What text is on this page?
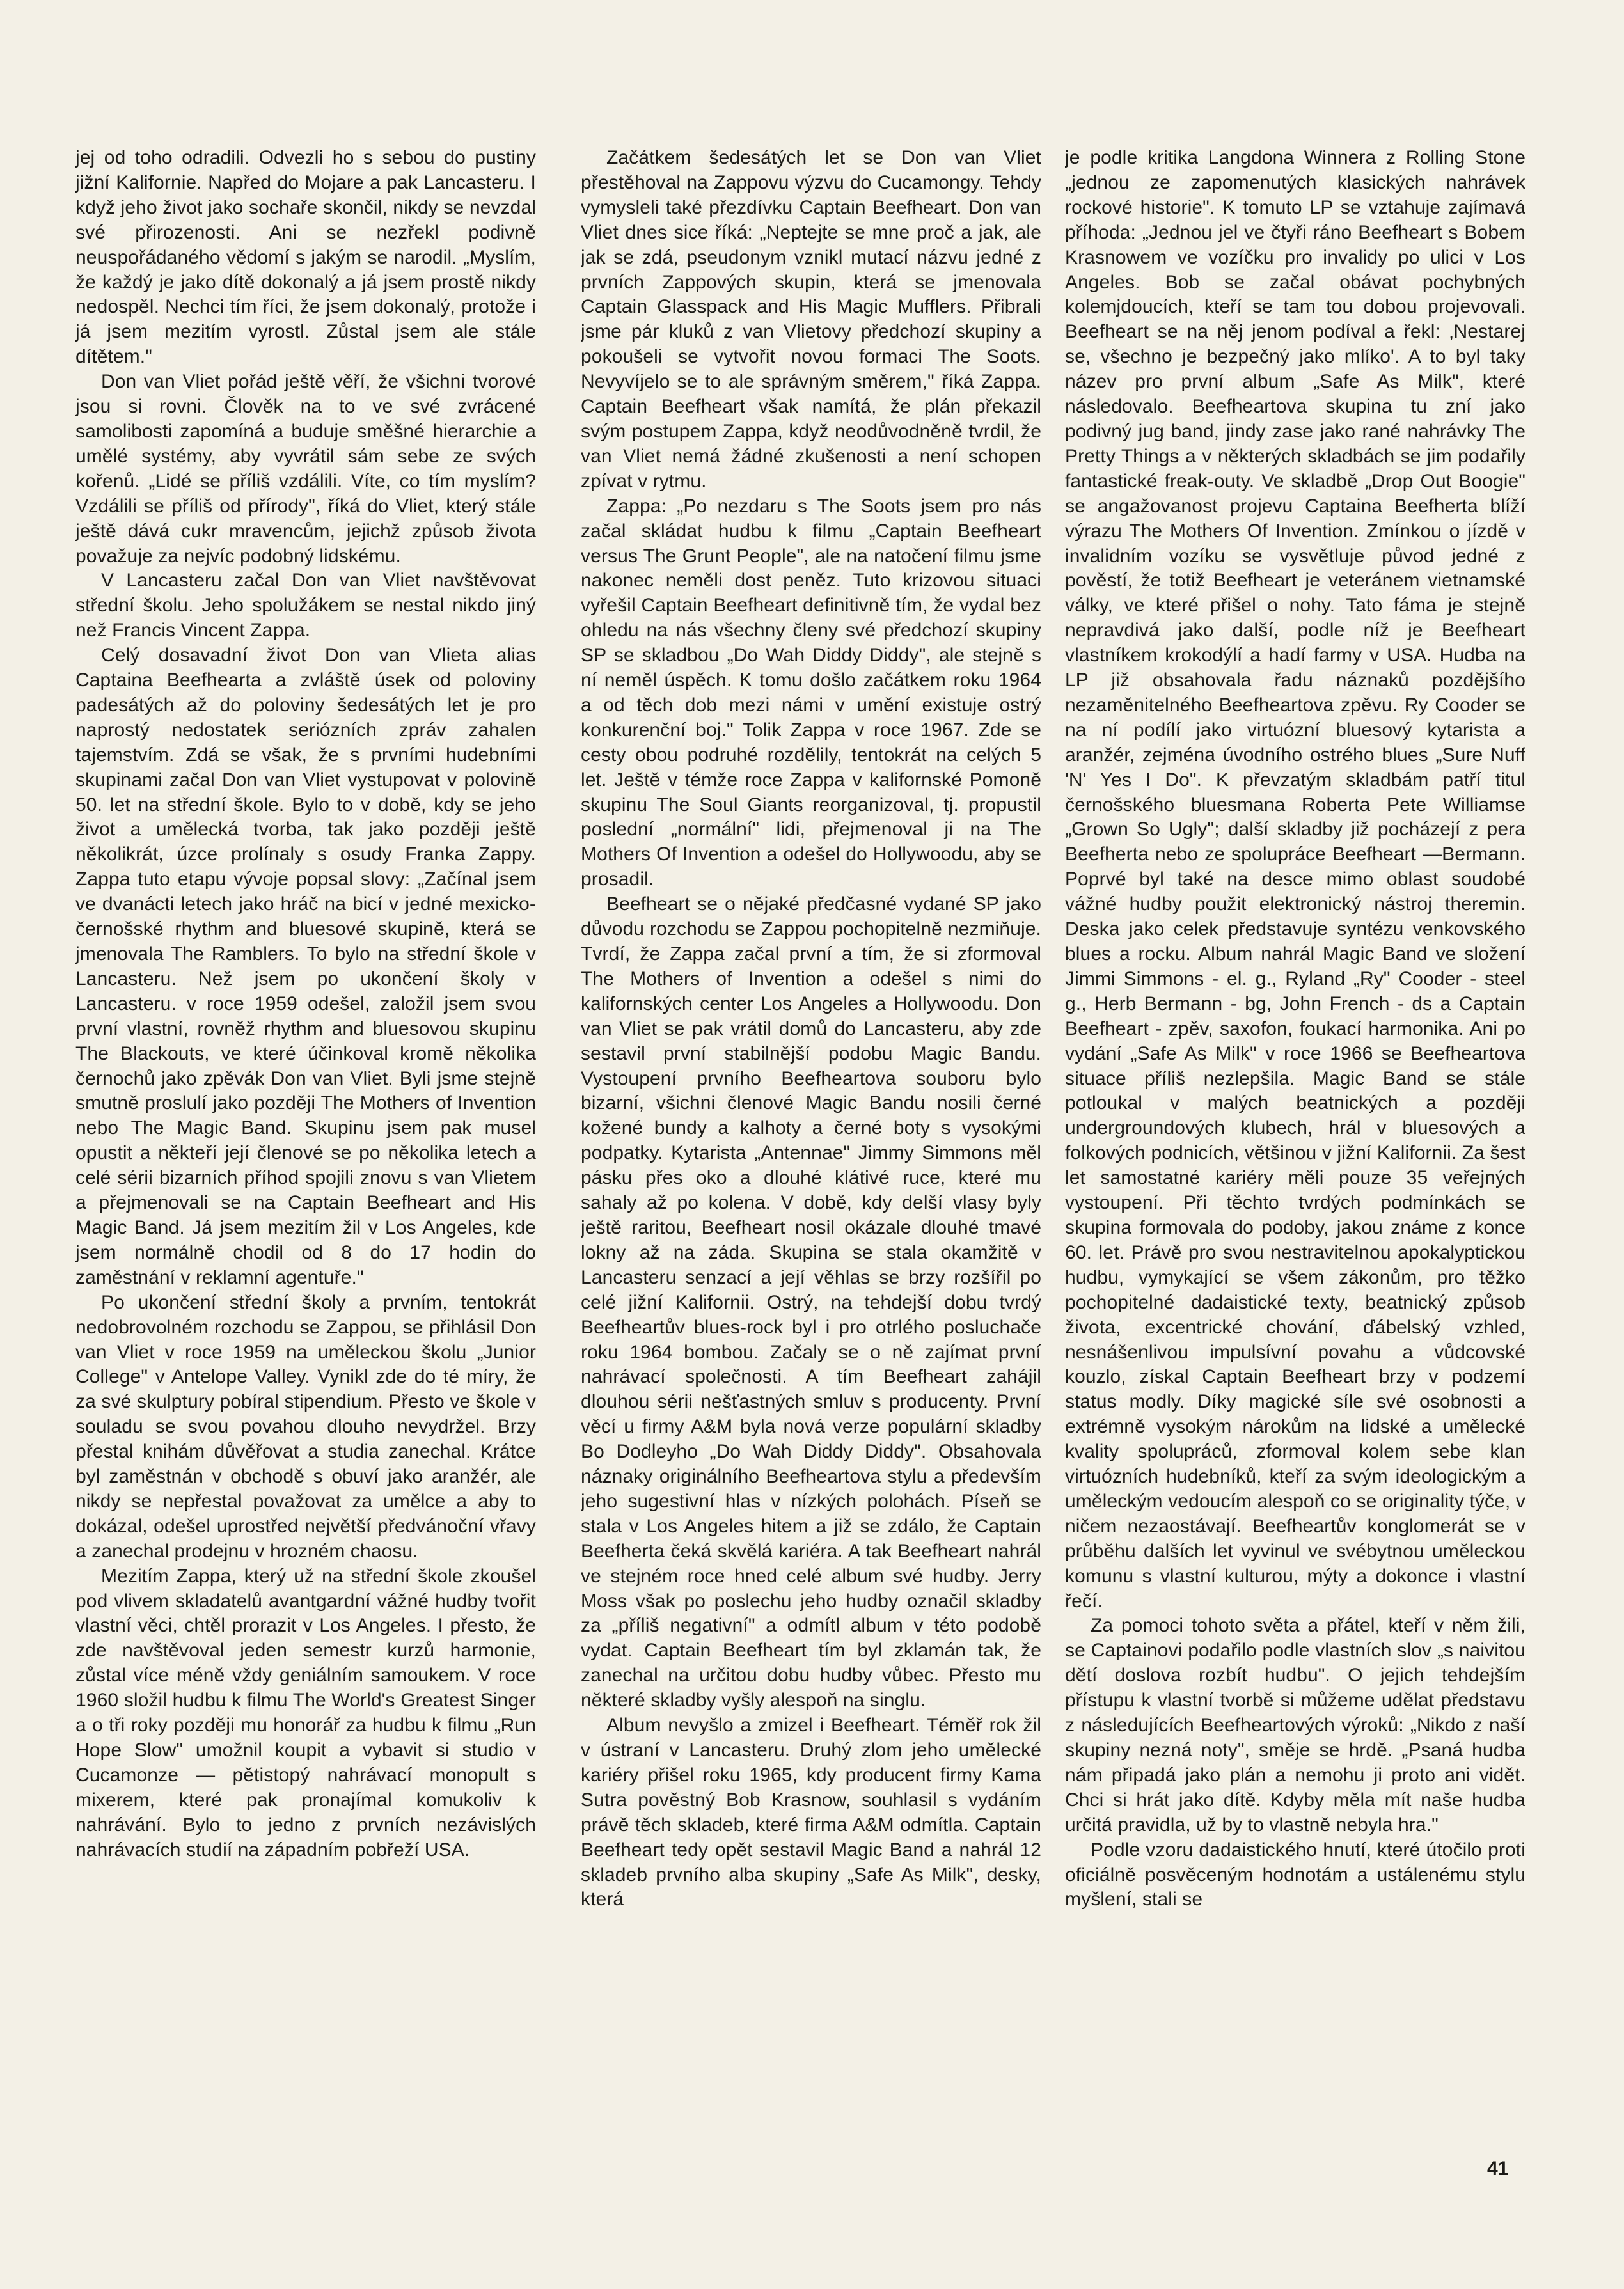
jej od toho odradili. Odvezli ho s sebou do pustiny jižní Kalifornie. Napřed do Mojare a pak Lancasteru. I když jeho život jako sochaře skončil, nikdy se nevzdal své přirozenosti. Ani se nezřekl podivně neuspořádaného vědomí s jakým se narodil. „Myslím, že každý je jako dítě dokonalý a já jsem prostě nikdy nedospěl. Nechci tím říci, že jsem dokonalý, protože i já jsem mezitím vyrostl. Zůstal jsem ale stále dítětem."

Don van Vliet pořád ještě věří, že všichni tvorové jsou si rovni. Člověk na to ve své zvrácené samolibosti zapomíná a buduje směšné hierarchie a umělé systémy, aby vyvrátil sám sebe ze svých kořenů. „Lidé se příliš vzdálili. Víte, co tím myslím? Vzdálili se příliš od přírody", říká do Vliet, který stále ještě dává cukr mravencům, jejichž způsob života považuje za nejvíc podobný lidskému.

V Lancasteru začal Don van Vliet navštěvovat střední školu. Jeho spolužákem se nestal nikdo jiný než Francis Vincent Zappa.

Celý dosavadní život Don van Vlieta alias Captaina Beefhearta a zvláště úsek od poloviny padesátých až do poloviny šedesátých let je pro naprostý nedostatek seriózních zpráv zahalen tajemstvím. Zdá se však, že s prvními hudebními skupinami začal Don van Vliet vystupovat v polovině 50. let na střední škole. Bylo to v době, kdy se jeho život a umělecká tvorba, tak jako později ještě několikrát, úzce prolínaly s osudy Franka Zappy. Zappa tuto etapu vývoje popsal slovy: „Začínal jsem ve dvanácti letech jako hráč na bicí v jedné mexicko-černošské rhythm and bluesové skupině, která se jmenovala The Ramblers. To bylo na střední škole v Lancasteru. Než jsem po ukončení školy v Lancasteru. v roce 1959 odešel, založil jsem svou první vlastní, rovněž rhythm and bluesovou skupinu The Blackouts, ve které účinkoval kromě několika černochů jako zpěvák Don van Vliet. Byli jsme stejně smutně proslulí jako později The Mothers of Invention nebo The Magic Band. Skupinu jsem pak musel opustit a někteří její členové se po několika letech a celé sérii bizarních příhod spojili znovu s van Vlietem a přejmenovali se na Captain Beefheart and His Magic Band. Já jsem mezitím žil v Los Angeles, kde jsem normálně chodil od 8 do 17 hodin do zaměstnání v reklamní agentuře."

Po ukončení střední školy a prvním, tentokrát nedobrovolném rozchodu se Zappou, se přihlásil Don van Vliet v roce 1959 na uměleckou školu „Junior College" v Antelope Valley. Vynikl zde do té míry, že za své skulptury pobíral stipendium. Přesto ve škole v souladu se svou povahou dlouho nevydržel. Brzy přestal knihám důvěřovat a studia zanechal. Krátce byl zaměstnán v obchodě s obuví jako aranžér, ale nikdy se nepřestal považovat za umělce a aby to dokázal, odešel uprostřed největší předvánoční vřavy a zanechal prodejnu v hrozném chaosu.

Mezitím Zappa, který už na střední škole zkoušel pod vlivem skladatelů avantgardní vážné hudby tvořit vlastní věci, chtěl prorazit v Los Angeles. I přesto, že zde navštěvoval jeden semestr kurzů harmonie, zůstal více méně vždy geniálním samoukem. V roce 1960 složil hudbu k filmu The World's Greatest Singer a o tři roky později mu honorář za hudbu k filmu „Run Hope Slow" umožnil koupit a vybavit si studio v Cucamonze — pětistopý nahrávací monopult s mixerem, které pak pronajímal komukoliv k nahrávání. Bylo to jedno z prvních nezávislých nahrávacích studií na západním pobřeží USA.

Začátkem šedesátých let se Don van Vliet přestěhoval na Zappovu výzvu do Cucamongy. Tehdy vymysleli také přezdívku Captain Beefheart. Don van Vliet dnes sice říká: „Neptejte se mne proč a jak, ale jak se zdá, pseudonym vznikl mutací názvu jedné z prvních Zappových skupin, která se jmenovala Captain Glasspack and His Magic Mufflers. Přibrali jsme pár kluků z van Vlietovy předchozí skupiny a pokoušeli se vytvořit novou formaci The Soots. Nevyvíjelo se to ale správným směrem," říká Zappa. Captain Beefheart však namítá, že plán překazil svým postupem Zappa, když neodůvodněně tvrdil, že van Vliet nemá žádné zkušenosti a není schopen zpívat v rytmu.

Zappa: „Po nezdaru s The Soots jsem pro nás začal skládat hudbu k filmu „Captain Beefheart versus The Grunt People", ale na natočení filmu jsme nakonec neměli dost peněz. Tuto krizovou situaci vyřešil Captain Beefheart definitivně tím, že vydal bez ohledu na nás všechny členy své předchozí skupiny SP se skladbou „Do Wah Diddy Diddy", ale stejně s ní neměl úspěch. K tomu došlo začátkem roku 1964 a od těch dob mezi námi v umění existuje ostrý konkurenční boj." Tolik Zappa v roce 1967. Zde se cesty obou podruhé rozdělily, tentokrát na celých 5 let. Ještě v témže roce Zappa v kalifornské Pomoně skupinu The Soul Giants reorganizoval, tj. propustil poslední „normální" lidi, přejmenoval ji na The Mothers Of Invention a odešel do Hollywoodu, aby se prosadil.

Beefheart se o nějaké předčasné vydané SP jako důvodu rozchodu se Zappou pochopitelně nezmiňuje. Tvrdí, že Zappa začal první a tím, že si zformoval The Mothers of Invention a odešel s nimi do kalifornských center Los Angeles a Hollywoodu. Don van Vliet se pak vrátil domů do Lancasteru, aby zde sestavil první stabilnější podobu Magic Bandu. Vystoupení prvního Beefheartova souboru bylo bizarní, všichni členové Magic Bandu nosili černé kožené bundy a kalhoty a černé boty s vysokými podpatky. Kytarista „Antennae" Jimmy Simmons měl pásku přes oko a dlouhé klátivé ruce, které mu sahaly až po kolena. V době, kdy delší vlasy byly ještě raritou, Beefheart nosil okázale dlouhé tmavé lokny až na záda. Skupina se stala okamžitě v Lancasteru senzací a její věhlas se brzy rozšířil po celé jižní Kalifornii. Ostrý, na tehdejší dobu tvrdý Beefheartův blues-rock byl i pro otrlého posluchače roku 1964 bombou. Začaly se o ně zajímat první nahrávací společnosti. A tím Beefheart zahájil dlouhou sérii nešťastných smluv s producenty. První věcí u firmy A&M byla nová verze populární skladby Bo Dodleyho „Do Wah Diddy Diddy". Obsahovala náznaky originálního Beefheartova stylu a především jeho sugestivní hlas v nízkých polohách. Píseň se stala v Los Angeles hitem a již se zdálo, že Captain Beefherta čeká skvělá kariéra. A tak Beefheart nahrál ve stejném roce hned celé album své hudby. Jerry Moss však po poslechu jeho hudby označil skladby za „příliš negativní" a odmítl album v této podobě vydat. Captain Beefheart tím byl zklamán tak, že zanechal na určitou dobu hudby vůbec. Přesto mu některé skladby vyšly alespoň na singlu.

Album nevyšlo a zmizel i Beefheart. Téměř rok žil v ústraní v Lancasteru. Druhý zlom jeho umělecké kariéry přišel roku 1965, kdy producent firmy Kama Sutra pověstný Bob Krasnow, souhlasil s vydáním právě těch skladeb, které firma A&M odmítla. Captain Beefheart tedy opět sestavil Magic Band a nahrál 12 skladeb prvního alba skupiny „Safe As Milk", desky, která

je podle kritika Langdona Winnera z Rolling Stone „jednou ze zapomenutých klasických nahrávek rockové historie". K tomuto LP se vztahuje zajímavá příhoda: „Jednou jel ve čtyři ráno Beefheart s Bobem Krasnowem ve vozíčku pro invalidy po ulici v Los Angeles. Bob se začal obávat pochybných kolemjdoucích, kteří se tam tou dobou projevovali. Beefheart se na něj jenom podíval a řekl: ‚Nestarej se, všechno je bezpečný jako mlíko'. A to byl taky název pro první album „Safe As Milk", které následovalo. Beefheartova skupina tu zní jako podivný jug band, jindy zase jako rané nahrávky The Pretty Things a v některých skladbách se jim podařily fantastické freak-outy. Ve skladbě „Drop Out Boogie" se angažovanost projevu Captaina Beefherta blíží výrazu The Mothers Of Invention. Zmínkou o jízdě v invalidním vozíku se vysvětluje původ jedné z pověstí, že totiž Beefheart je veteránem vietnamské války, ve které přišel o nohy. Tato fáma je stejně nepravdivá jako další, podle níž je Beefheart vlastníkem krokodýlí a hadí farmy v USA. Hudba na LP již obsahovala řadu náznaků pozdějšího nezaměnitelného Beefheartova zpěvu. Ry Cooder se na ní podílí jako virtuózní bluesový kytarista a aranžér, zejména úvodního ostrého blues „Sure Nuff 'N' Yes I Do". K převzatým skladbám patří titul černošského bluesmana Roberta Pete Williamse „Grown So Ugly"; další skladby již pocházejí z pera Beefherta nebo ze spolupráce Beefheart —Bermann. Poprvé byl také na desce mimo oblast soudobé vážné hudby použit elektronický nástroj theremin. Deska jako celek představuje syntézu venkovského blues a rocku. Album nahrál Magic Band ve složení Jimmi Simmons - el. g., Ryland „Ry" Cooder - steel g., Herb Bermann - bg, John French - ds a Captain Beefheart - zpěv, saxofon, foukací harmonika. Ani po vydání „Safe As Milk" v roce 1966 se Beefheartova situace příliš nezlepšila. Magic Band se stále potloukal v malých beatnických a později undergroundových klubech, hrál v bluesových a folkových podnicích, většinou v jižní Kalifornii. Za šest let samostatné kariéry měli pouze 35 veřejných vystoupení. Při těchto tvrdých podmínkách se skupina formovala do podoby, jakou známe z konce 60. let. Právě pro svou nestravitelnou apokalyptickou hudbu, vymykající se všem zákonům, pro těžko pochopitelné dadaistické texty, beatnický způsob života, excentrické chování, ďábelský vzhled, nesnášenlivou impulsívní povahu a vůdcovské kouzlo, získal Captain Beefheart brzy v podzemí status modly. Díky magické síle své osobnosti a extrémně vysokým nárokům na lidské a umělecké kvality spolupráců, zformoval kolem sebe klan virtuózních hudebníků, kteří za svým ideologickým a uměleckým vedoucím alespoň co se originality týče, v ničem nezaostávají. Beefheartův konglomerát se v průběhu dalších let vyvinul ve svébytnou uměleckou komunu s vlastní kulturou, mýty a dokonce i vlastní řečí.

Za pomoci tohoto světa a přátel, kteří v něm žili, se Captainovi podařilo podle vlastních slov „s naivitou dětí doslova rozbít hudbu". O jejich tehdejším přístupu k vlastní tvorbě si můžeme udělat představu z následujících Beefheartových výroků: „Nikdo z naší skupiny nezná noty", směje se hrdě. „Psaná hudba nám připadá jako plán a nemohu ji proto ani vidět. Chci si hrát jako dítě. Kdyby měla mít naše hudba určitá pravidla, už by to vlastně nebyla hra."

Podle vzoru dadaistického hnutí, které útočilo proti oficiálně posvěceným hodnotám a ustálenému stylu myšlení, stali se

41
